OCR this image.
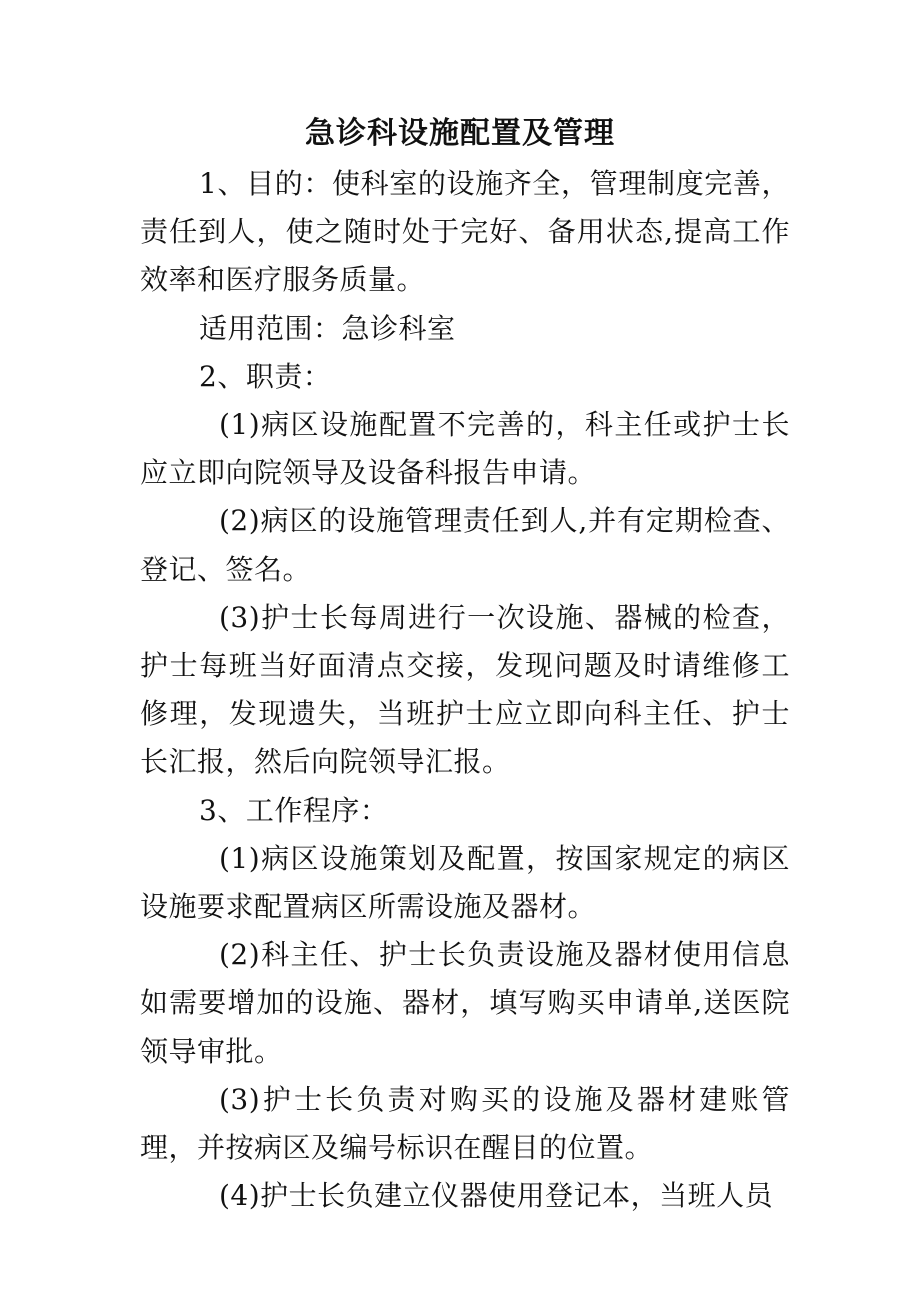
急诊科设施配置及管理

1、目的：使科室的设施齐全，管理制度完善，责任到人，使之随时处于完好、备用状态,提高工作效率和医疗服务质量。

适用范围：急诊科室

2、职责：

(1)病区设施配置不完善的，科主任或护士长应立即向院领导及设备科报告申请。

(2)病区的设施管理责任到人,并有定期检查、登记、签名。

(3)护士长每周进行一次设施、器械的检查，护士每班当好面清点交接，发现问题及时请维修工修理，发现遗失，当班护士应立即向科主任、护士长汇报，然后向院领导汇报。

3、工作程序：

(1)病区设施策划及配置，按国家规定的病区设施要求配置病区所需设施及器材。

(2)科主任、护士长负责设施及器材使用信息如需要增加的设施、器材，填写购买申请单,送医院领导审批。

(3)护士长负责对购买的设施及器材建账管理，并按病区及编号标识在醒目的位置。

(4)护士长负建立仪器使用登记本，当班人员
